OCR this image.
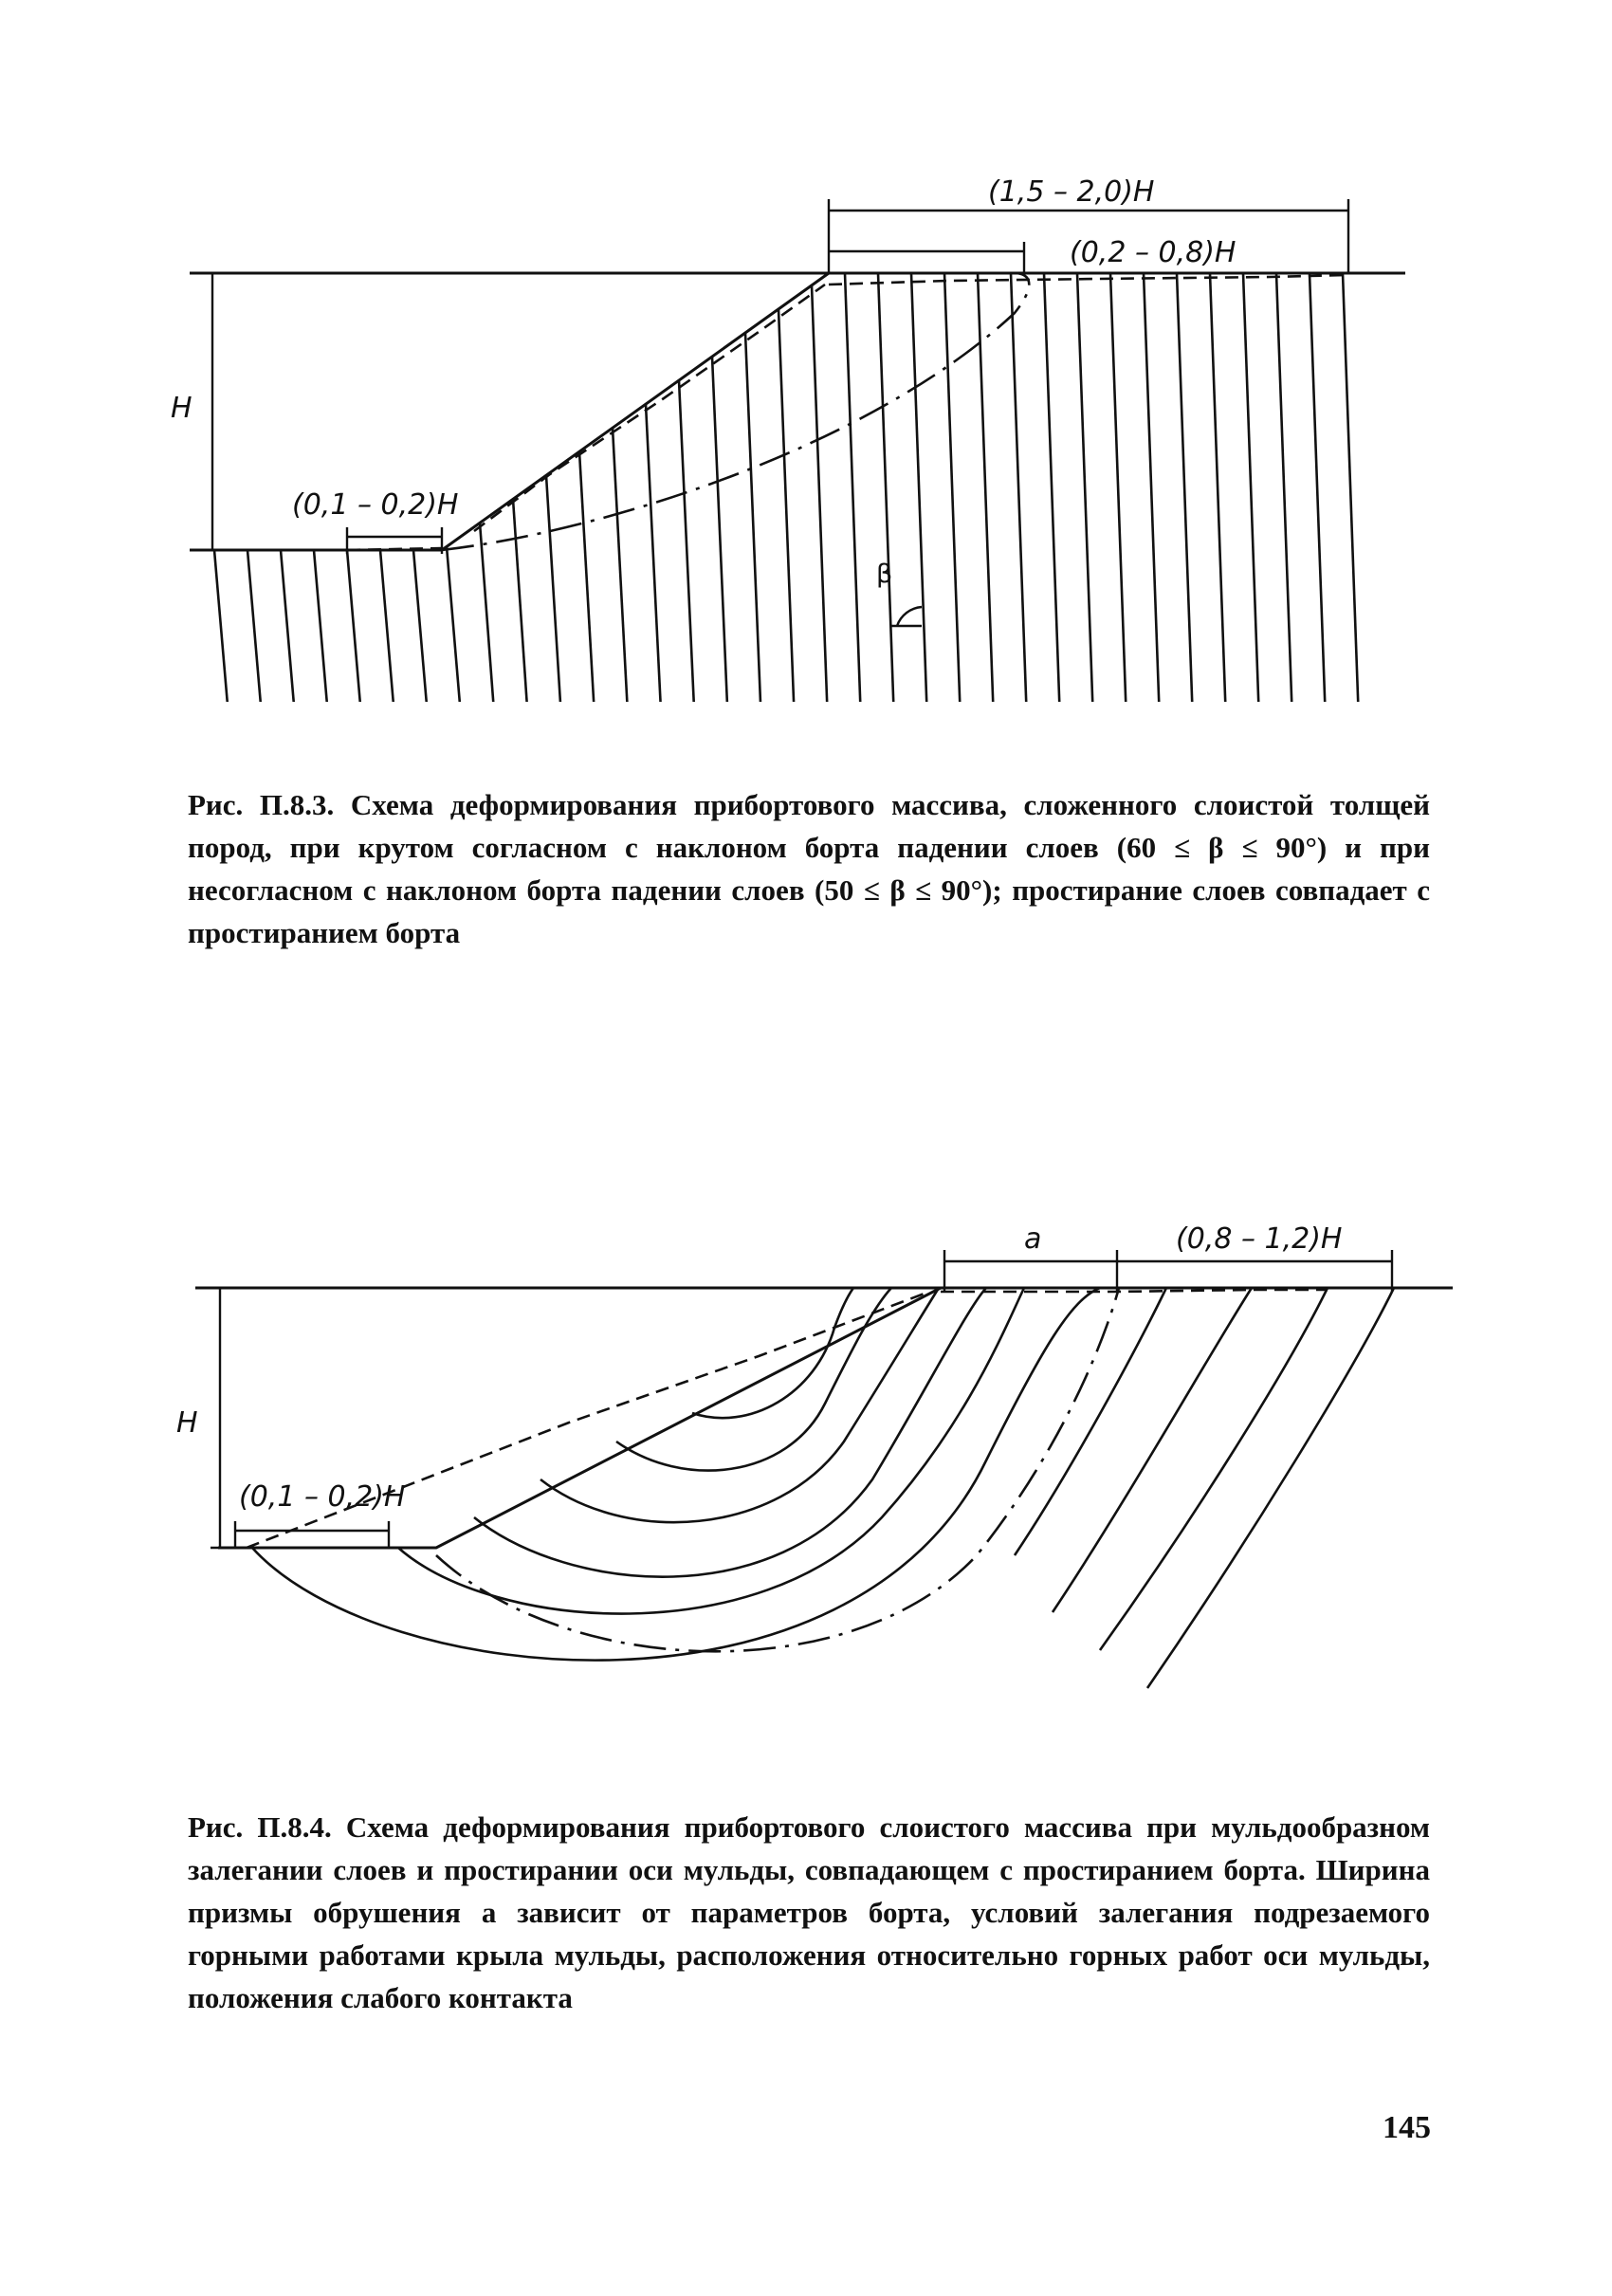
(1,5 – 2,0)H
(0,2 – 0,8)H
H
(0,1 – 0,2)H
β

Рис. П.8.3. Схема деформирования прибортового массива, сложенного слоистой толщей пород, при крутом согласном с наклоном борта падении слоев (60 ≤ β ≤ 90°) и при несогласном с наклоном борта падении слоев (50 ≤ β ≤ 90°); простирание слоев совпадает с простиранием борта

a	(0,8 – 1,2)H
H
(0,1 – 0,2)H

Рис. П.8.4. Схема деформирования прибортового слоистого массива при мульдообразном залегании слоев и простирании оси мульды, совпадающем с простиранием борта. Ширина призмы обрушения a зависит от параметров борта, условий залегания подрезаемого горными работами крыла мульды, расположения относительно горных работ оси мульды, положения слабого контакта

145
